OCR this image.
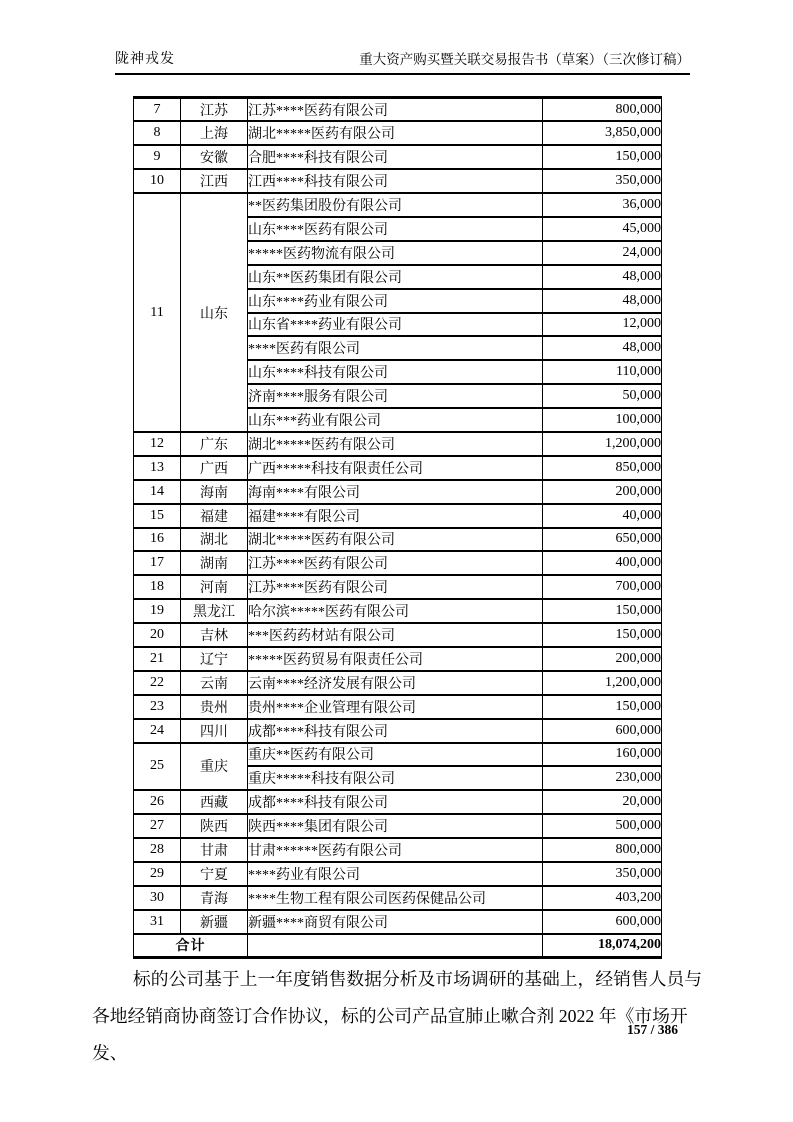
陇神戎发	重大资产购买暨关联交易报告书（草案）（三次修订稿）
7	江苏	江苏****医药有限公司	800,000
8	上海	湖北*****医药有限公司	3,850,000
9	安徽	合肥****科技有限公司	150,000
10	江西	江西****科技有限公司	350,000
11	山东	**医药集团股份有限公司	36,000
		山东****医药有限公司	45,000
		*****医药物流有限公司	24,000
		山东**医药集团有限公司	48,000
		山东****药业有限公司	48,000
		山东省****药业有限公司	12,000
		****医药有限公司	48,000
		山东****科技有限公司	110,000
		济南****服务有限公司	50,000
		山东***药业有限公司	100,000
12	广东	湖北*****医药有限公司	1,200,000
13	广西	广西*****科技有限责任公司	850,000
14	海南	海南****有限公司	200,000
15	福建	福建****有限公司	40,000
16	湖北	湖北*****医药有限公司	650,000
17	湖南	江苏****医药有限公司	400,000
18	河南	江苏****医药有限公司	700,000
19	黑龙江	哈尔滨*****医药有限公司	150,000
20	吉林	***医药药材站有限公司	150,000
21	辽宁	*****医药贸易有限责任公司	200,000
22	云南	云南****经济发展有限公司	1,200,000
23	贵州	贵州****企业管理有限公司	150,000
24	四川	成都****科技有限公司	600,000
25	重庆	重庆**医药有限公司	160,000
		重庆*****科技有限公司	230,000
26	西藏	成都****科技有限公司	20,000
27	陕西	陕西****集团有限公司	500,000
28	甘肃	甘肃******医药有限公司	800,000
29	宁夏	****药业有限公司	350,000
30	青海	****生物工程有限公司医药保健品公司	403,200
31	新疆	新疆****商贸有限公司	600,000
合计			18,074,200
标的公司基于上一年度销售数据分析及市场调研的基础上，经销售人员与
各地经销商协商签订合作协议，标的公司产品宣肺止嗽合剂 2022 年《市场开发、
157 / 386
